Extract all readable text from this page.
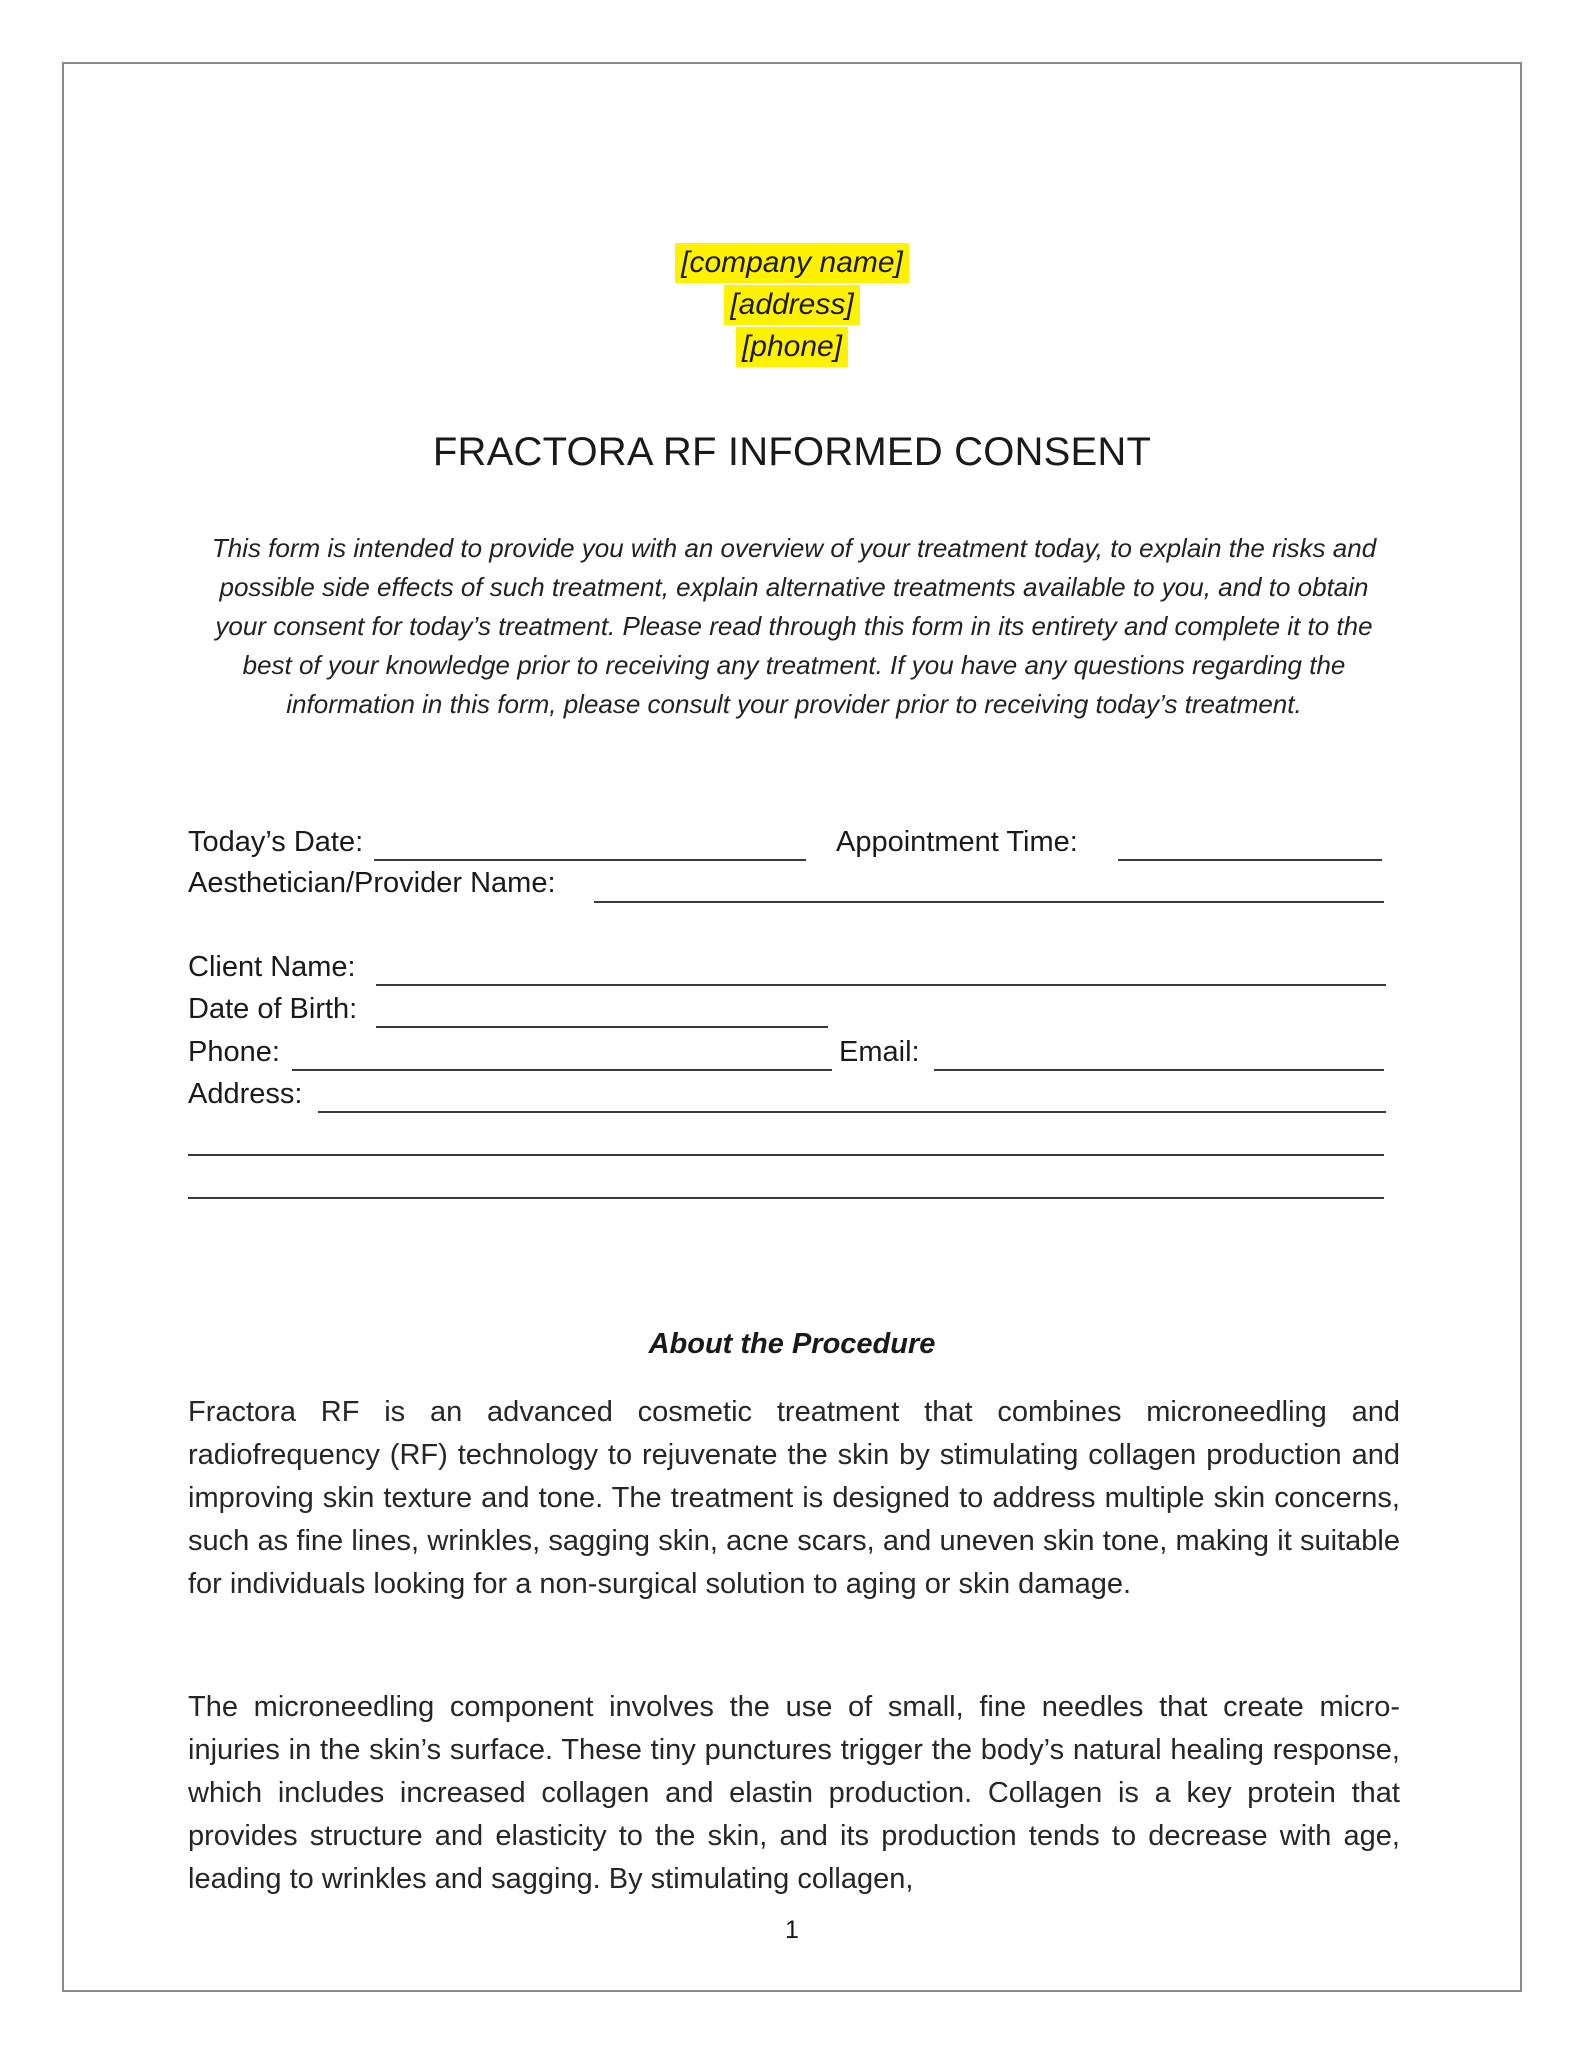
[company name]
[address]
[phone]
FRACTORA RF INFORMED CONSENT
This form is intended to provide you with an overview of your treatment today, to explain the risks and possible side effects of such treatment, explain alternative treatments available to you, and to obtain your consent for today’s treatment. Please read through this form in its entirety and complete it to the best of your knowledge prior to receiving any treatment. If you have any questions regarding the information in this form, please consult your provider prior to receiving today’s treatment.
Today’s Date:	Appointment Time:
Aesthetician/Provider Name:
Client Name:
Date of Birth:
Phone:	Email:
Address:
About the Procedure
Fractora RF is an advanced cosmetic treatment that combines microneedling and radiofrequency (RF) technology to rejuvenate the skin by stimulating collagen production and improving skin texture and tone. The treatment is designed to address multiple skin concerns, such as fine lines, wrinkles, sagging skin, acne scars, and uneven skin tone, making it suitable for individuals looking for a non-surgical solution to aging or skin damage.
The microneedling component involves the use of small, fine needles that create micro-injuries in the skin’s surface. These tiny punctures trigger the body’s natural healing response, which includes increased collagen and elastin production. Collagen is a key protein that provides structure and elasticity to the skin, and its production tends to decrease with age, leading to wrinkles and sagging. By stimulating collagen,
1
